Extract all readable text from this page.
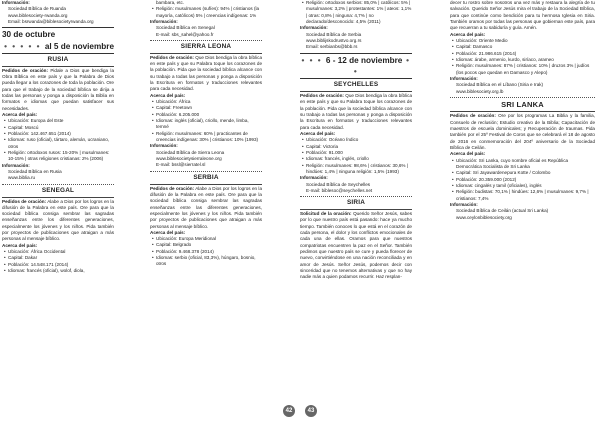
Información:

Sociedad Bíblica de Ruanda

www.biblesociety-rwanda.org

Email: bsrwanda@biblesocietyrwanda.org

30 de octubre
• • • • • al 5 de noviembre
RUSIA

Pedidos de oración: Pidale a Dios que bendiga la Obra Bíblica en este país y que la Palabra de Dios pueda llegar a los corazones de toda la población. Ore para que el trabajo de la sociedad bíblica se dirija a todas las personas y ponga a disposición la Biblia en formatos e idiomas que puedan satisfacer sus necesidades.

Acerca del país:

• Ubicación: Europa del Este

• Capital: Moscú

• Población: 142.467.651 (2014)

• Idiomas: ruso (oficial), tártaro, alemán, ucraniano, otros

• Religión: ortodoxos rusos: 15-20% | musulmanes: 10-15% | otras religiones cristianas: 2% (2006)

Información:

Sociedad Bíblica en Rusia

www.biblia.ru

SENEGAL

Pedidos de oración: Alabe a Dios por los logros en la difusión de la Palabra en este país. Ore para que la sociedad bíblica consiga sembrar las sagradas enseñanzas entre los diferentes generaciones, especialmente los jóvenes y los niños. Pida también por proyectos de publicaciones que atraigan a más personas al mensaje bíblico.

Acerca del país:

• Ubicación: África Occidental

• Capital: Dakar

• Población: 14.548.171 (2014)

• Idiomas: francés (oficial), wolof, diola,

bambara, etc.

• Religión: musulmanes (sufíes): 94% | cristianos (la mayoría, católicos) 5% | creencias indígenas: 1%

Información:

Sociedad Bíblica en Senegal

E-mail: sbs_sahel@yahoo.fr

SIERRA LEONA

Pedidos de oración: Que Dios bendiga la obra bíblica en este país y que su Palabra toque los corazones de la población. Pida que la sociedad bíblica alcance con su trabajo a todas las personas y ponga a disposición la Escritura en formatos y traducciones relevantes para cada necesidad.

Acerca del país:

• Ubicación: África

• Capital: Freetown

• Población: 6.205.000

• Idiomas: inglés (oficial), criollo, mende, limba, temné

• Religión: musulmanes: 60% | practicantes de creencias indígenas: 30% | cristianos: 10% (1993)

Información:

Sociedad Bíblica de Sierra Leona

www.biblesocietysierraleone.org

E-mail: bssl@sierratel.sl

SERBIA

Pedidos de oración: Alabe a Dios por los logros en la difusión de la Palabra en este país. Ore para que la sociedad bíblica consiga sembrar las sagradas enseñanzas entre las diferentes generaciones, especialmente los jóvenes y los niños. Pida también por proyectos de publicaciones que atraigan a más personas al mensaje bíblico.

Acerca del país:

• Ubicación: Europa Meridional

• Capital: Belgrado

• Población: 9.468.378 (2014)

• Idiomas: serbio (oficial, 83,3%), húngaro, bosnio, otros

42

• Religión: ortodoxos serbios: 85,0% | católicos: 5% | musulmanes: 3,2% | protestantes: 1% | ateos: 1,1% | otras: 0,8% | ninguna: 4,7% | no declarado/desconocido: 4,5% (2011)

Información:

Sociedad Bíblica de Serbia

www.biblijskodrustvo.org.rs

Email: serbianbs@bbb.rs

• • • 6 - 12 de noviembre • •
SEYCHELLES

Pedidos de oración: Que Dios bendiga la obra bíblica en este país y que su Palabra toque los corazones de la población. Pida que la sociedad bíblica alcance con su trabajo a todas las personas y ponga a disposición la Escritura en formatos y traducciones relevantes para cada necesidad.

Acerca del país:

• Ubicación: Océano Índico

• Capital: Victoria

• Población: 91.000

• Idiomas: francés, inglés, criollo

• Religión: musulmanes: 98,6% | cristianos: 30,6% | hindúes: 1,4% | ninguna religión: 1,5% (1993)

Información:

Sociedad Bíblica de Seychelles

E-mail: biblesoc@seychelles.net

SIRIA

Solicitud de la oración: Querido Señor Jesús, sabes por lo que nuestro país está pasando: hace ya mucho tiempo. También conoces lo que está en el corazón de cada persona, el dolor y los conflictos emocionales de cada una de ellas. Oramos para que nuestros compatriotas encuentren la paz en el Señor. También pedimos que nuestro país se cure y pueda florecer de nuevo, convirtiéndose en una nación reconciliada y en amor de Jesús. Señor Jesús, podemos decir con sinceridad que no tenemos alternativas y que no hay nadie más a quien podamos recurrir. Haz resplan-

decer tu rostro sobre nosotros una vez más y restaura la alegría de tu salvación. Querido Señor Jesús mira el trabajo de la Sociedad Bíblica, para que continúe como bendición para tu hermosa Iglesia en Siria. También oramos por todas las personas que gobiernan este país, para que recuerran a tu sabiduría y guía. Amén.

Acerca del país:

• Ubicación: Oriente Medio

• Capital: Damasco

• Población: 21.986.615 (2014)

• Idiomas: árabe, armenio, kurdo, siríaco, arameo

• Religión: musulmanes: 87% | cristianos: 10% | druzos 3% | judíos (los pocos que quedan en Damasco y Alepo)

Información:

Sociedad Bíblica en el Líbano (Siria e Irak)

www.biblesociety.org.lb

SRI LANKA

Pedidos de oración: Ore por los programas La Biblia y la familia, Consuelo de reclusión; Estudio creativo de la Biblia; Capacitación de maestros de escuela dominicales; y Recuperación de traumas. Pida también por el 25º Festival de Coros que se celebrará el 18 de agosto de 2016 en conmemoración del 204º aniversario de la Sociedad Bíblica de Ceilán.

Acerca del país:

• Ubicación: Sri Lanka, cuyo nombre oficial es República Democrática Socialista de Sri Lanka

• Capital: Sri Jayawardenepura Kotte / Colombo

• Población: 20.359.000 (2012)

• Idiomas: cingalés y tamil (oficiales), inglés

• Religión: budistas: 70,1% | hindúes: 12,6% | musulmanes: 9,7% | cristianos: 7,4%

Información:

Sociedad Bíblica de Ceilán (actual Sri Lanka)

www.ceylonbiblesociety.org

43
